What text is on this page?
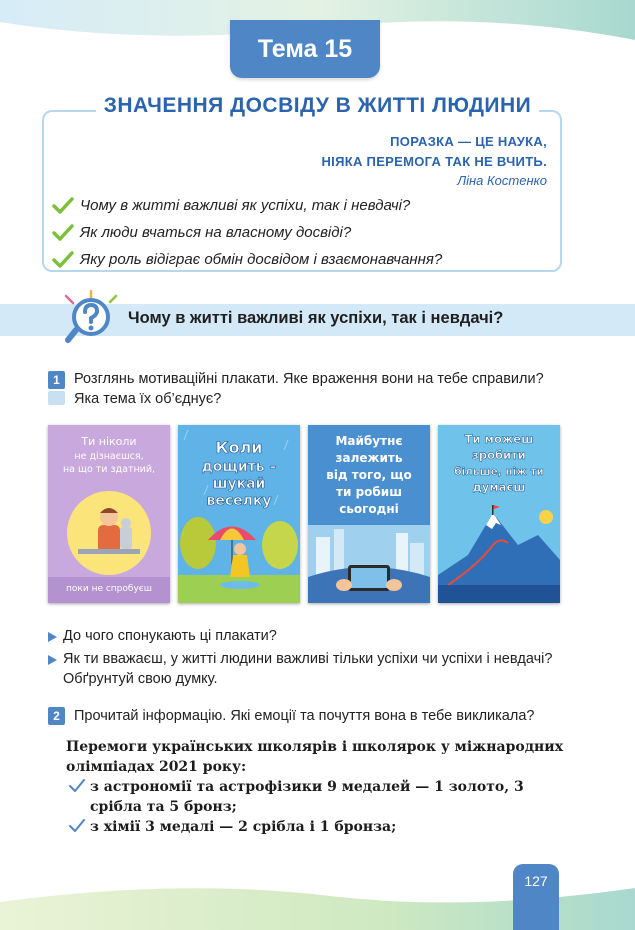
Тема 15
ЗНАЧЕННЯ ДОСВІДУ В ЖИТТІ ЛЮДИНИ
ПОРАЗКА — ЦЕ НАУКА,
НІЯКА ПЕРЕМОГА ТАК НЕ ВЧИТЬ.
Ліна Костенко
Чому в житті важливі як успіхи, так і невдачі?
Як люди вчаться на власному досвіді?
Яку роль відіграє обмін досвідом і взаємонавчання?
Чому в житті важливі як успіхи, так і невдачі?
1 Розглянь мотиваційні плакати. Яке враження вони на тебе справили? Яка тема їх об’єднує?
Ти ніколи
не дізнаєшся,
на що ти здатний,
поки не спробуєш
Коли
дощить –
шукай
веселку
Майбутнє
залежить
від того, що
ти робиш
сьогодні
Ти можеш
зробити
більше, ніж ти
думаєш
До чого спонукають ці плакати?
Як ти вважаєш, у житті людини важливі тільки успіхи чи успіхи і невдачі? Обґрунтуй свою думку.
2 Прочитай інформацію. Які емоції та почуття вона в тебе викликала?
Перемоги українських школярів і школярок у міжнародних олімпіадах 2021 року:
з астрономії та астрофізики 9 медалей — 1 золото, 3 срібла та 5 бронз;
з хімії 3 медалі — 2 срібла і 1 бронза;
127
